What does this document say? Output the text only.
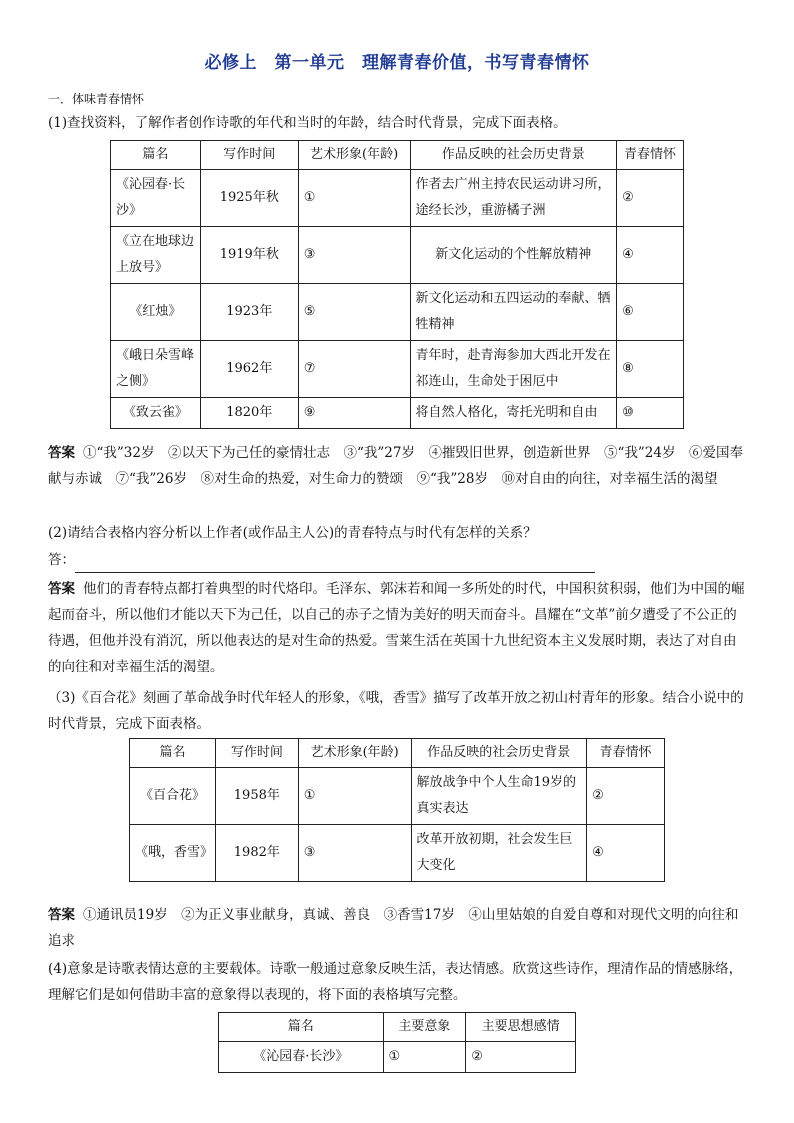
必修上　第一单元　理解青春价值，书写青春情怀
一．体味青春情怀
(1)查找资料，了解作者创作诗歌的年代和当时的年龄，结合时代背景，完成下面表格。
篇名	写作时间	艺术形象(年龄)	作品反映的社会历史背景	青春情怀
《沁园春·长沙》	1925年秋	①	作者去广州主持农民运动讲习所，途经长沙，重游橘子洲	②
《立在地球边上放号》	1919年秋	③	新文化运动的个性解放精神	④
《红烛》	1923年	⑤	新文化运动和五四运动的奉献、牺牲精神	⑥
《峨日朵雪峰之侧》	1962年	⑦	青年时，赴青海参加大西北开发在祁连山，生命处于困厄中	⑧
《致云雀》	1820年	⑨	将自然人格化，寄托光明和自由	⑩
答案 ①“我”32岁　②以天下为己任的豪情壮志　③“我”27岁　④摧毁旧世界，创造新世界　⑤“我”24岁　⑥爱国奉献与赤诚　⑦“我”26岁　⑧对生命的热爱，对生命力的赞颂　⑨“我”28岁　⑩对自由的向往，对幸福生活的渴望
(2)请结合表格内容分析以上作者(或作品主人公)的青春特点与时代有怎样的关系？
答：
答案 他们的青春特点都打着典型的时代烙印。毛泽东、郭沫若和闻一多所处的时代，中国积贫积弱，他们为中国的崛起而奋斗，所以他们才能以天下为己任，以自己的赤子之情为美好的明天而奋斗。昌耀在“文革”前夕遭受了不公正的待遇，但他并没有消沉，所以他表达的是对生命的热爱。雪莱生活在英国十九世纪资本主义发展时期，表达了对自由的向往和对幸福生活的渴望。
（3)《百合花》刻画了革命战争时代年轻人的形象，《哦，香雪》描写了改革开放之初山村青年的形象。结合小说中的时代背景，完成下面表格。
篇名	写作时间	艺术形象(年龄)	作品反映的社会历史背景	青春情怀
《百合花》	1958年	①	解放战争中个人生命19岁的真实表达	②
《哦，香雪》	1982年	③	改革开放初期，社会发生巨大变化	④
答案 ①通讯员19岁　②为正义事业献身，真诚、善良　③香雪17岁　④山里姑娘的自爱自尊和对现代文明的向往和追求
(4)意象是诗歌表情达意的主要载体。诗歌一般通过意象反映生活，表达情感。欣赏这些诗作，理清作品的情感脉络，理解它们是如何借助丰富的意象得以表现的，将下面的表格填写完整。
篇名	主要意象	主要思想感情
《沁园春·长沙》	①	②
